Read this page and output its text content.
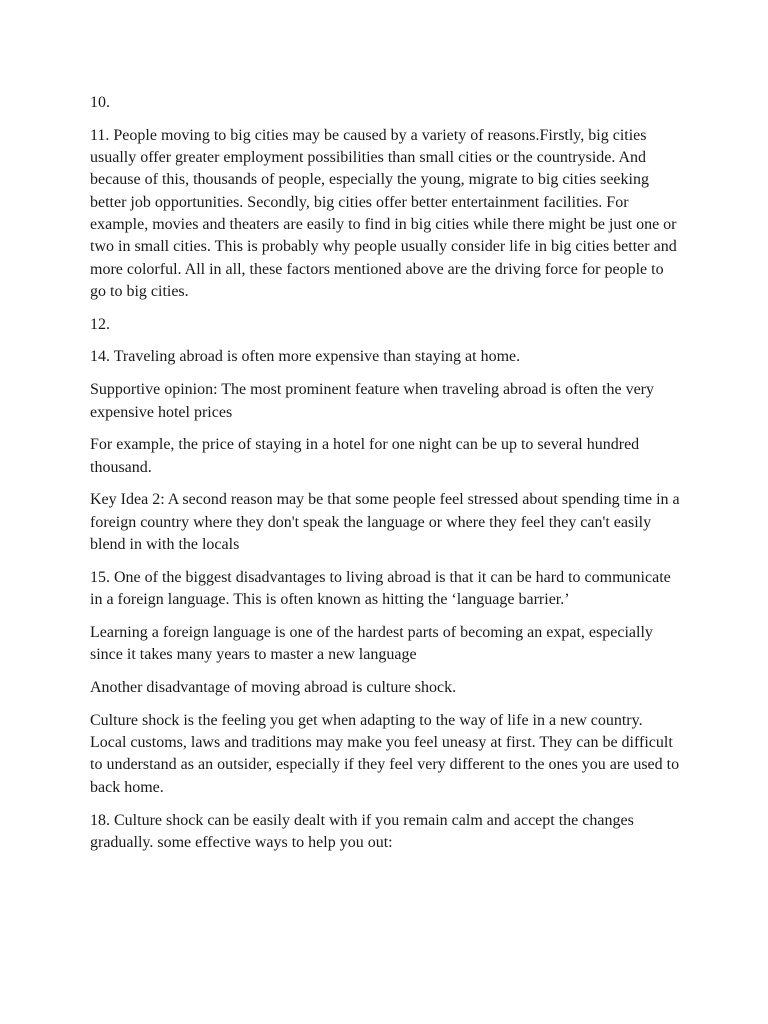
10.

11. People moving to big cities may be caused by a variety of reasons.Firstly, big cities usually offer greater employment possibilities than small cities or the countryside. And because of this, thousands of people, especially the young, migrate to big cities seeking better job opportunities. Secondly, big cities offer better entertainment facilities. For example, movies and theaters are easily to find in big cities while there might be just one or two in small cities. This is probably why people usually consider life in big cities better and more colorful. All in all, these factors mentioned above are the driving force for people to go to big cities.

12.

14. Traveling abroad is often more expensive than staying at home.

Supportive opinion: The most prominent feature when traveling abroad is often the very expensive hotel prices

For example, the price of staying in a hotel for one night can be up to several hundred thousand.

Key Idea 2: A second reason may be that some people feel stressed about spending time in a foreign country where they don't speak the language or where they feel they can't easily blend in with the locals

15. One of the biggest disadvantages to living abroad is that it can be hard to communicate in a foreign language. This is often known as hitting the ‘language barrier.’

Learning a foreign language is one of the hardest parts of becoming an expat, especially since it takes many years to master a new language

Another disadvantage of moving abroad is culture shock.

Culture shock is the feeling you get when adapting to the way of life in a new country. Local customs, laws and traditions may make you feel uneasy at first. They can be difficult to understand as an outsider, especially if they feel very different to the ones you are used to back home.

18. Culture shock can be easily dealt with if you remain calm and accept the changes gradually. some effective ways to help you out:
